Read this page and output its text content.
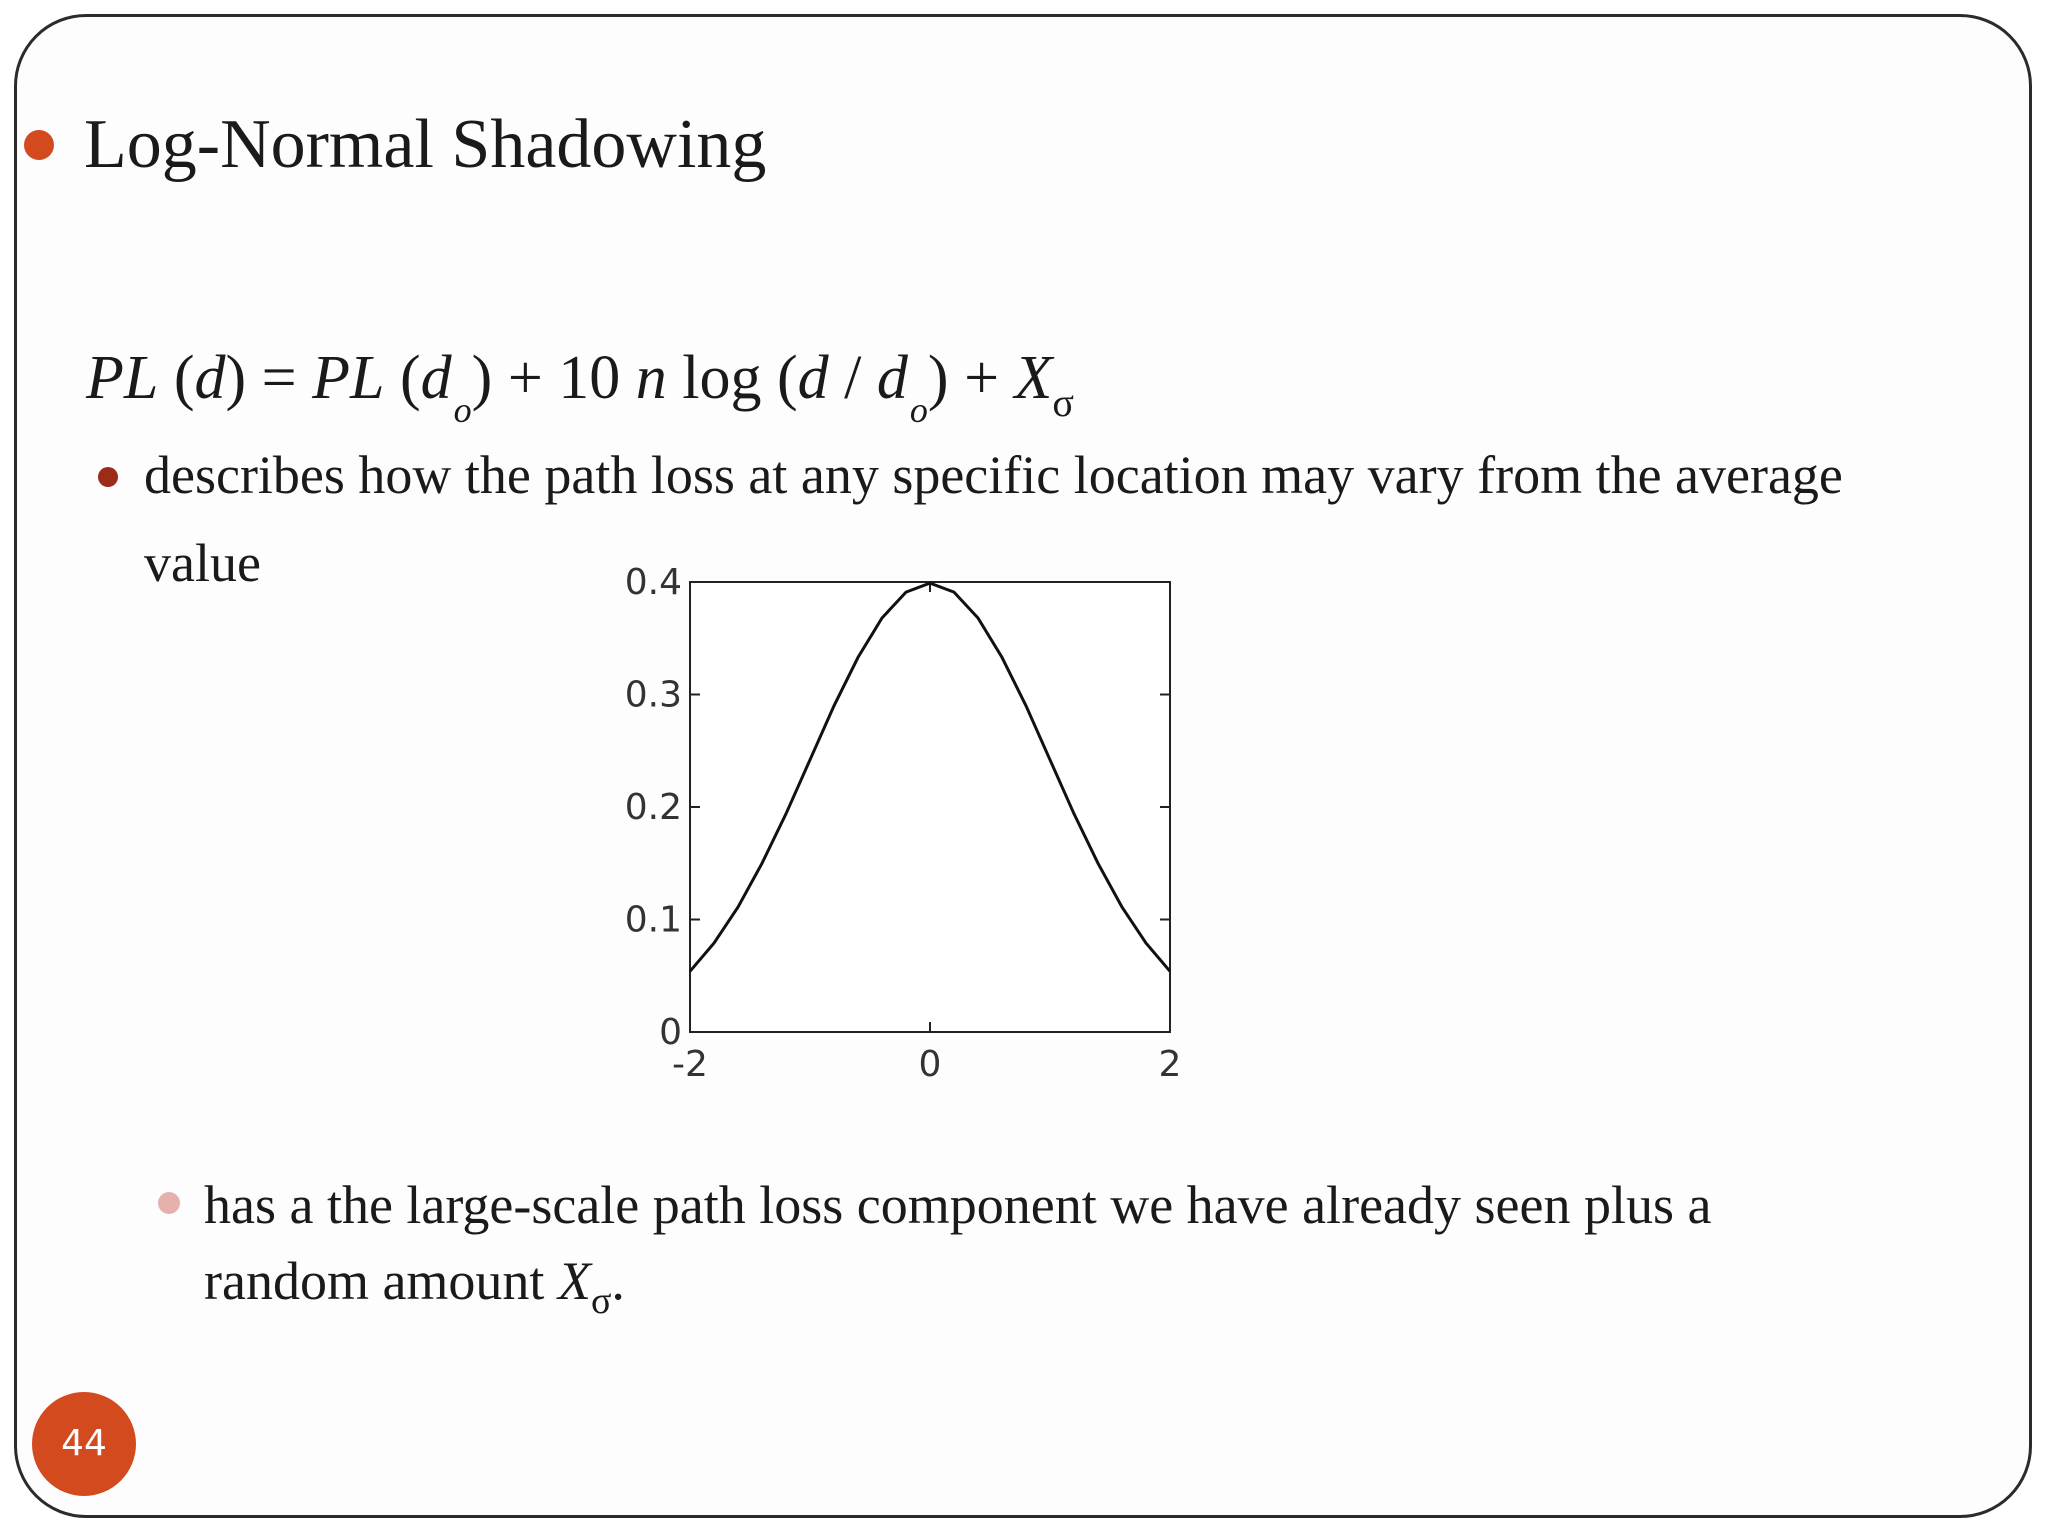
Log-Normal Shadowing
PL (d) = PL $(d_o) + 10$ n $\log (d / d_o) + X_\sigma$
describes how the path loss at any specific location may vary from the average
value
0
0.1
0.2
0.3
0.4
-2	0	2
has a the large-scale path loss component we have already seen plus a
random amount $X_\sigma$.
44
